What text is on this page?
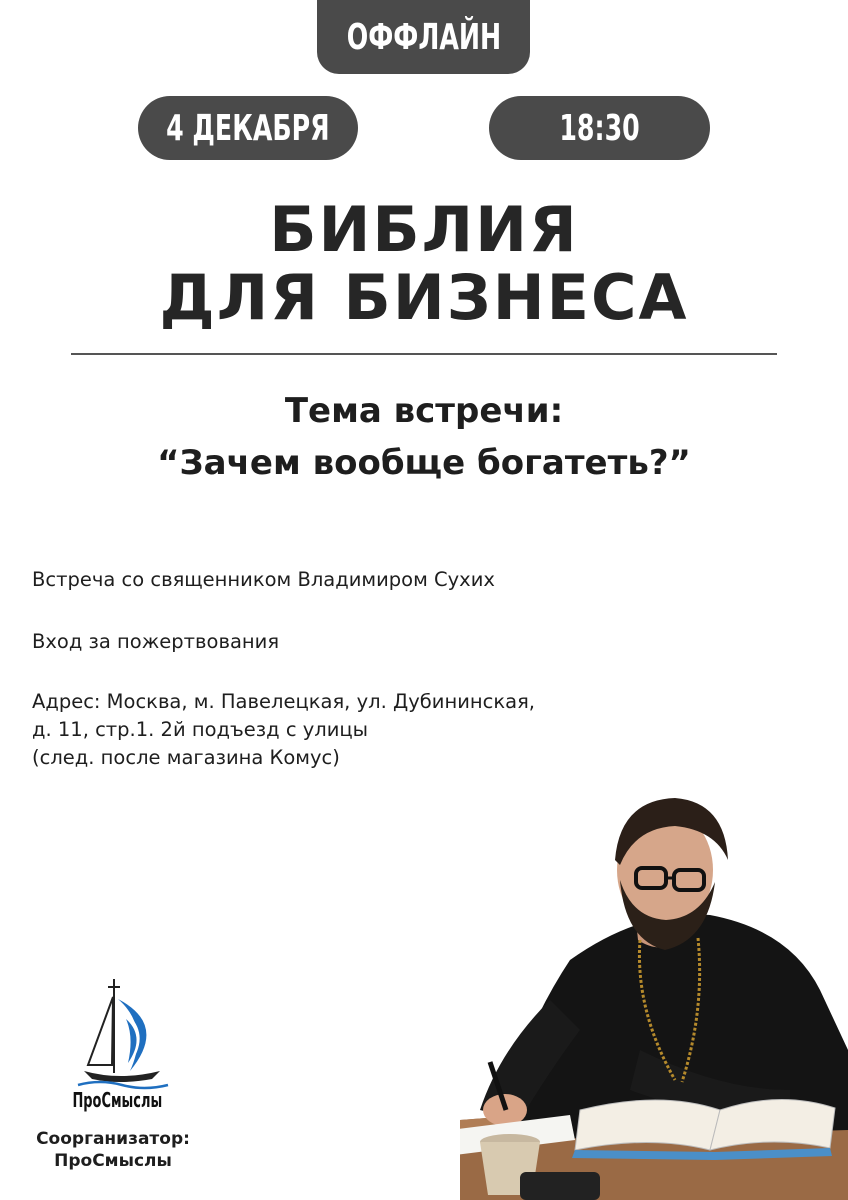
ОФФЛАЙН
4 ДЕКАБРЯ	18:30
БИБЛИЯ
ДЛЯ БИЗНЕСА
Тема встречи:
“Зачем вообще богатеть?”
Встреча со священником Владимиром Сухих
Вход за пожертвования
Адрес: Москва, м. Павелецкая, ул. Дубининская,
д. 11, стр.1. 2й подъезд с улицы
(след. после магазина Комус)
ПроСмыслы
Соорганизатор:
ПроСмыслы
